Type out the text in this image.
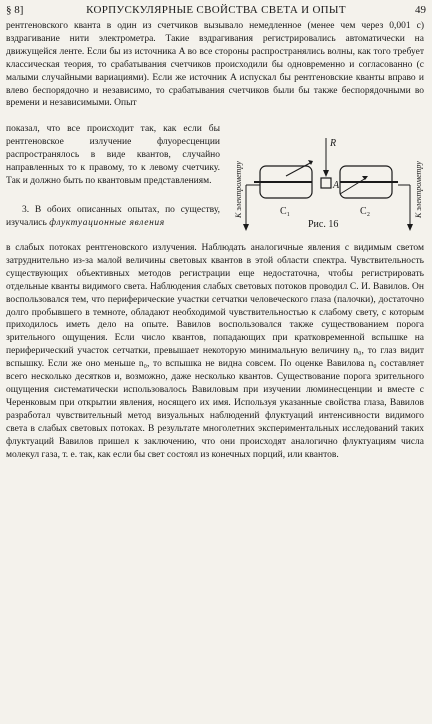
§ 8]	КОРПУСКУЛЯРНЫЕ СВОЙСТВА СВЕТА И ОПЫТ	49

рентгеновского кванта в один из счетчиков вызывало немедленное (менее чем через 0,001 с) вздрагивание нити электрометра. Такие вздрагивания регистрировались автоматически на движущейся ленте. Если бы из источника A во все стороны распространялись волны, как того требует классическая теория, то срабатывания счетчиков происходили бы одновременно и согласованно (с малыми случайными вариациями). Если же источник A испускал бы рентгеновские кванты вправо и влево беспорядочно и независимо, то срабатывания счетчиков были бы также беспорядочными во времени и независимыми. Опыт

показал, что все происходит так, как если бы рентгеновское излучение флуоресценции распространялось в виде квантов, случайно направленных то к правому, то к левому счетчику. Так и должно быть по квантовым представлениям.

3. В обоих описанных опытах, по существу, изучались флуктуационные явления

в слабых потоках рентгеновского излучения. Наблюдать аналогичные явления с видимым светом затруднительно из-за малой величины световых квантов в этой области спектра. Чувствительность существующих объективных методов регистрации еще недостаточна, чтобы регистрировать отдельные кванты видимого света. Наблюдения слабых световых потоков проводил С. И. Вавилов. Он воспользовался тем, что периферические участки сетчатки человеческого глаза (палочки), достаточно долго пробывшего в темноте, обладают необходимой чувствительностью к слабому свету, с которым приходилось иметь дело на опыте. Вавилов воспользовался также существованием порога зрительного ощущения. Если число квантов, попадающих при кратковременной вспышке на периферический участок сетчатки, превышает некоторую минимальную величину n₀, то глаз видит вспышку. Если же оно меньше n₀, то вспышка не видна совсем. По оценке Вавилова n₀ составляет всего несколько десятков и, возможно, даже несколько квантов. Существование порога зрительного ощущения систематически использовалось Вавиловым при изучении люминесценции и вместе с Черенковым при открытии явления, носящего их имя. Используя указанные свойства глаза, Вавилов разработал чувствительный метод визуальных наблюдений флуктуаций интенсивности видимого света в слабых световых потоках. В результате многолетних экспериментальных исследований таких флуктуаций Вавилов пришел к заключению, что они происходят аналогично флуктуациям числа молекул газа, т. е. так, как если бы свет состоял из конечных порций, или квантов.

К электрометру	C₁
R
A
C₂	К электрометру
Рис. 16
